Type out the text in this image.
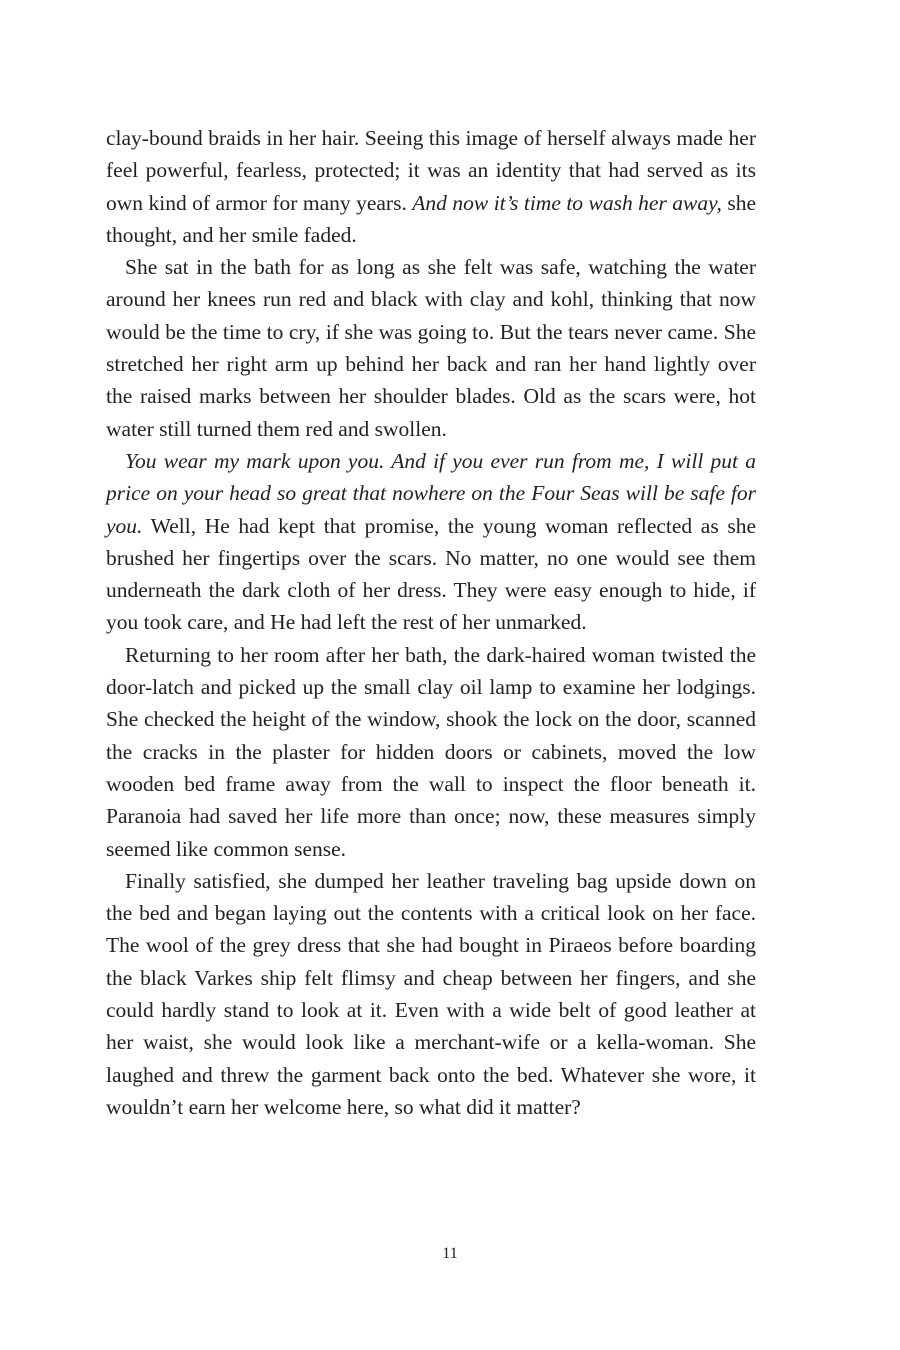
clay-bound braids in her hair. Seeing this image of herself always made her feel powerful, fearless, protected; it was an identity that had served as its own kind of armor for many years. And now it’s time to wash her away, she thought, and her smile faded.

She sat in the bath for as long as she felt was safe, watching the water around her knees run red and black with clay and kohl, thinking that now would be the time to cry, if she was going to. But the tears never came. She stretched her right arm up behind her back and ran her hand lightly over the raised marks between her shoulder blades. Old as the scars were, hot water still turned them red and swollen.

You wear my mark upon you. And if you ever run from me, I will put a price on your head so great that nowhere on the Four Seas will be safe for you. Well, He had kept that promise, the young woman reflected as she brushed her fingertips over the scars. No matter, no one would see them underneath the dark cloth of her dress. They were easy enough to hide, if you took care, and He had left the rest of her unmarked.

Returning to her room after her bath, the dark-haired woman twisted the door-latch and picked up the small clay oil lamp to examine her lodgings. She checked the height of the window, shook the lock on the door, scanned the cracks in the plaster for hidden doors or cabinets, moved the low wooden bed frame away from the wall to inspect the floor beneath it. Paranoia had saved her life more than once; now, these measures simply seemed like common sense.

Finally satisfied, she dumped her leather traveling bag upside down on the bed and began laying out the contents with a critical look on her face. The wool of the grey dress that she had bought in Piraeos before boarding the black Varkes ship felt flimsy and cheap between her fingers, and she could hardly stand to look at it. Even with a wide belt of good leather at her waist, she would look like a merchant-wife or a kella-woman. She laughed and threw the garment back onto the bed. Whatever she wore, it wouldn’t earn her welcome here, so what did it matter?

11
